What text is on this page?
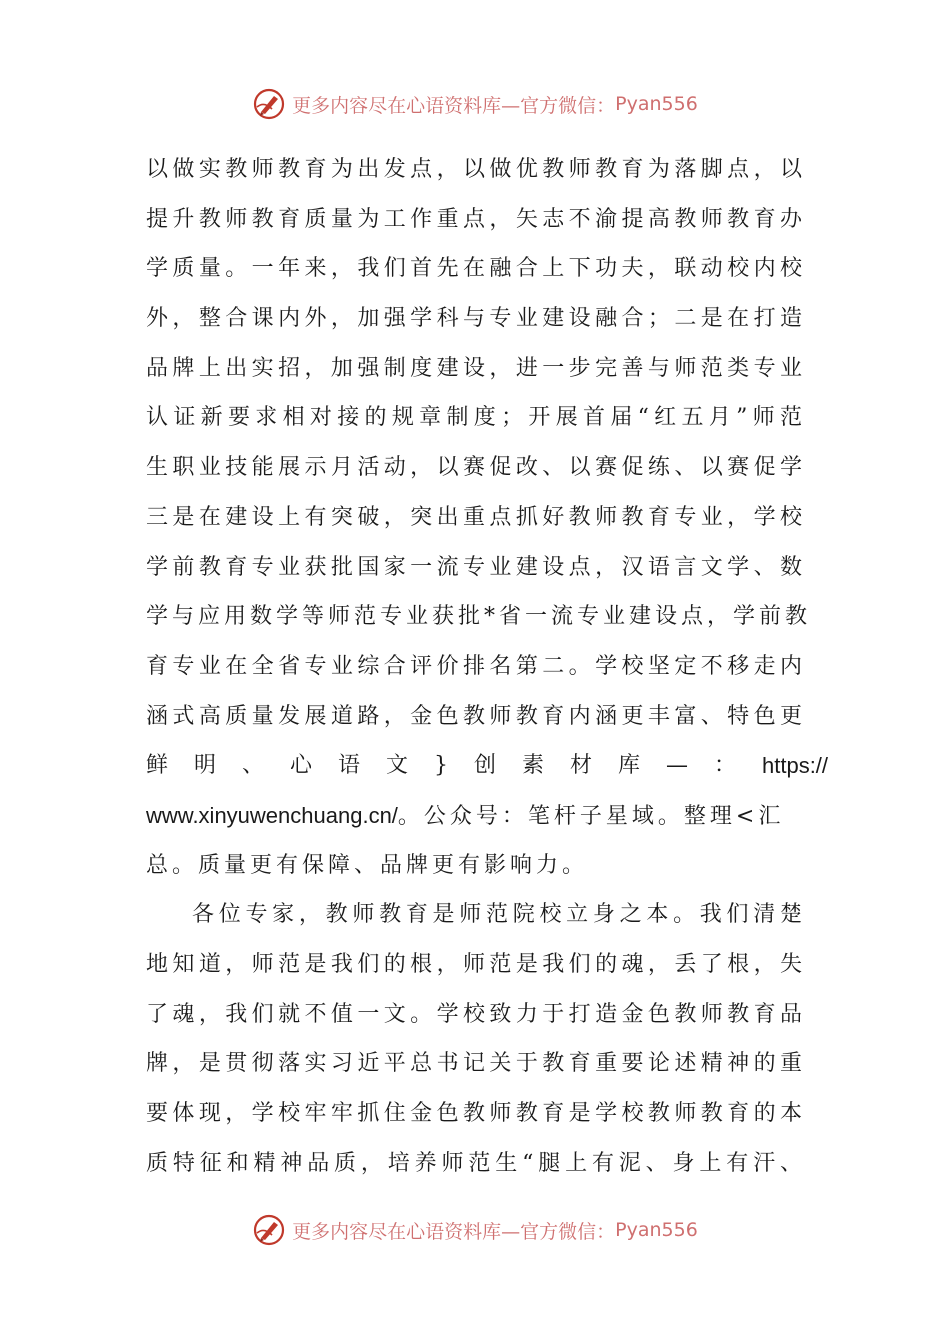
更多内容尽在心语资料库—官方微信： Pyan556
以做实教师教育为出发点，以做优教师教育为落脚点，以
提升教师教育质量为工作重点，矢志不渝提高教师教育办
学质量。一年来，我们首先在融合上下功夫，联动校内校
外，整合课内外，加强学科与专业建设融合；二是在打造
品牌上出实招，加强制度建设，进一步完善与师范类专业
认证新要求相对接的规章制度；开展首届“红五月”师范
生职业技能展示月活动，以赛促改、以赛促练、以赛促学
三是在建设上有突破，突出重点抓好教师教育专业，学校
学前教育专业获批国家一流专业建设点，汉语言文学、数
学与应用数学等师范专业获批*省一流专业建设点，学前教
育专业在全省专业综合评价排名第二。学校坚定不移走内
涵式高质量发展道路，金色教师教育内涵更丰富、特色更
鲜明、心语文}创素材库—： https://
www.xinyuwenchuang.cn/。公众号：笔杆子星域。整理<汇
总。质量更有保障、品牌更有影响力。
各位专家，教师教育是师范院校立身之本。我们清楚
地知道，师范是我们的根，师范是我们的魂，丢了根，失
了魂，我们就不值一文。学校致力于打造金色教师教育品
牌，是贯彻落实习近平总书记关于教育重要论述精神的重
要体现，学校牢牢抓住金色教师教育是学校教师教育的本
质特征和精神品质，培养师范生“腿上有泥、身上有汗、
更多内容尽在心语资料库—官方微信： Pyan556
